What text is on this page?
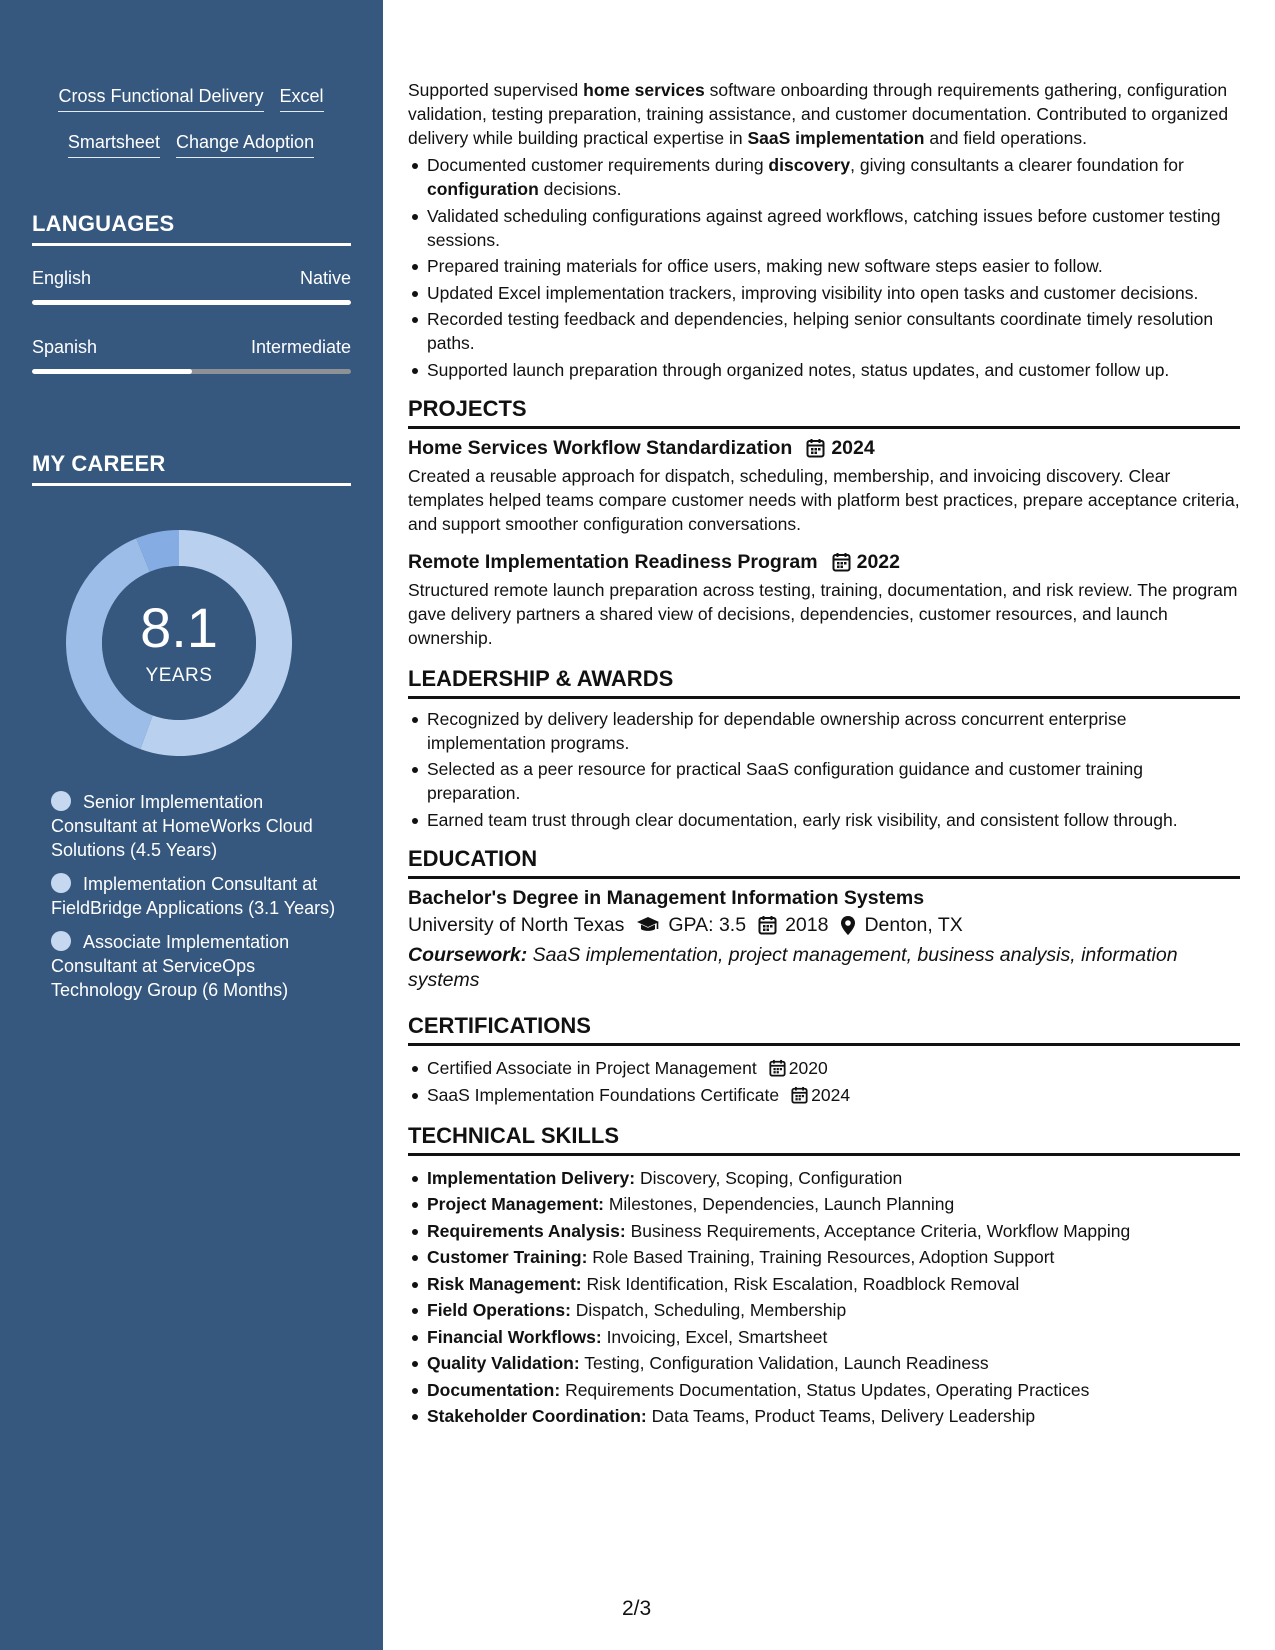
Cross Functional Delivery Excel
Smartsheet Change Adoption
LANGUAGES
English	Native
Spanish	Intermediate
MY CAREER
8.1
YEARS
Senior Implementation Consultant at HomeWorks Cloud Solutions (4.5 Years)
Implementation Consultant at FieldBridge Applications (3.1 Years)
Associate Implementation Consultant at ServiceOps Technology Group (6 Months)
Supported supervised home services software onboarding through requirements gathering, configuration validation, testing preparation, training assistance, and customer documentation. Contributed to organized delivery while building practical expertise in SaaS implementation and field operations.
Documented customer requirements during discovery, giving consultants a clearer foundation for configuration decisions.
Validated scheduling configurations against agreed workflows, catching issues before customer testing sessions.
Prepared training materials for office users, making new software steps easier to follow.
Updated Excel implementation trackers, improving visibility into open tasks and customer decisions.
Recorded testing feedback and dependencies, helping senior consultants coordinate timely resolution paths.
Supported launch preparation through organized notes, status updates, and customer follow up.
PROJECTS
Home Services Workflow Standardization 2024
Created a reusable approach for dispatch, scheduling, membership, and invoicing discovery. Clear templates helped teams compare customer needs with platform best practices, prepare acceptance criteria, and support smoother configuration conversations.
Remote Implementation Readiness Program 2022
Structured remote launch preparation across testing, training, documentation, and risk review. The program gave delivery partners a shared view of decisions, dependencies, customer resources, and launch ownership.
LEADERSHIP & AWARDS
Recognized by delivery leadership for dependable ownership across concurrent enterprise implementation programs.
Selected as a peer resource for practical SaaS configuration guidance and customer training preparation.
Earned team trust through clear documentation, early risk visibility, and consistent follow through.
EDUCATION
Bachelor's Degree in Management Information Systems
University of North Texas GPA: 3.5 2018 Denton, TX
Coursework: SaaS implementation, project management, business analysis, information systems
CERTIFICATIONS
Certified Associate in Project Management 2020
SaaS Implementation Foundations Certificate 2024
TECHNICAL SKILLS
Implementation Delivery: Discovery, Scoping, Configuration
Project Management: Milestones, Dependencies, Launch Planning
Requirements Analysis: Business Requirements, Acceptance Criteria, Workflow Mapping
Customer Training: Role Based Training, Training Resources, Adoption Support
Risk Management: Risk Identification, Risk Escalation, Roadblock Removal
Field Operations: Dispatch, Scheduling, Membership
Financial Workflows: Invoicing, Excel, Smartsheet
Quality Validation: Testing, Configuration Validation, Launch Readiness
Documentation: Requirements Documentation, Status Updates, Operating Practices
Stakeholder Coordination: Data Teams, Product Teams, Delivery Leadership
2/3
